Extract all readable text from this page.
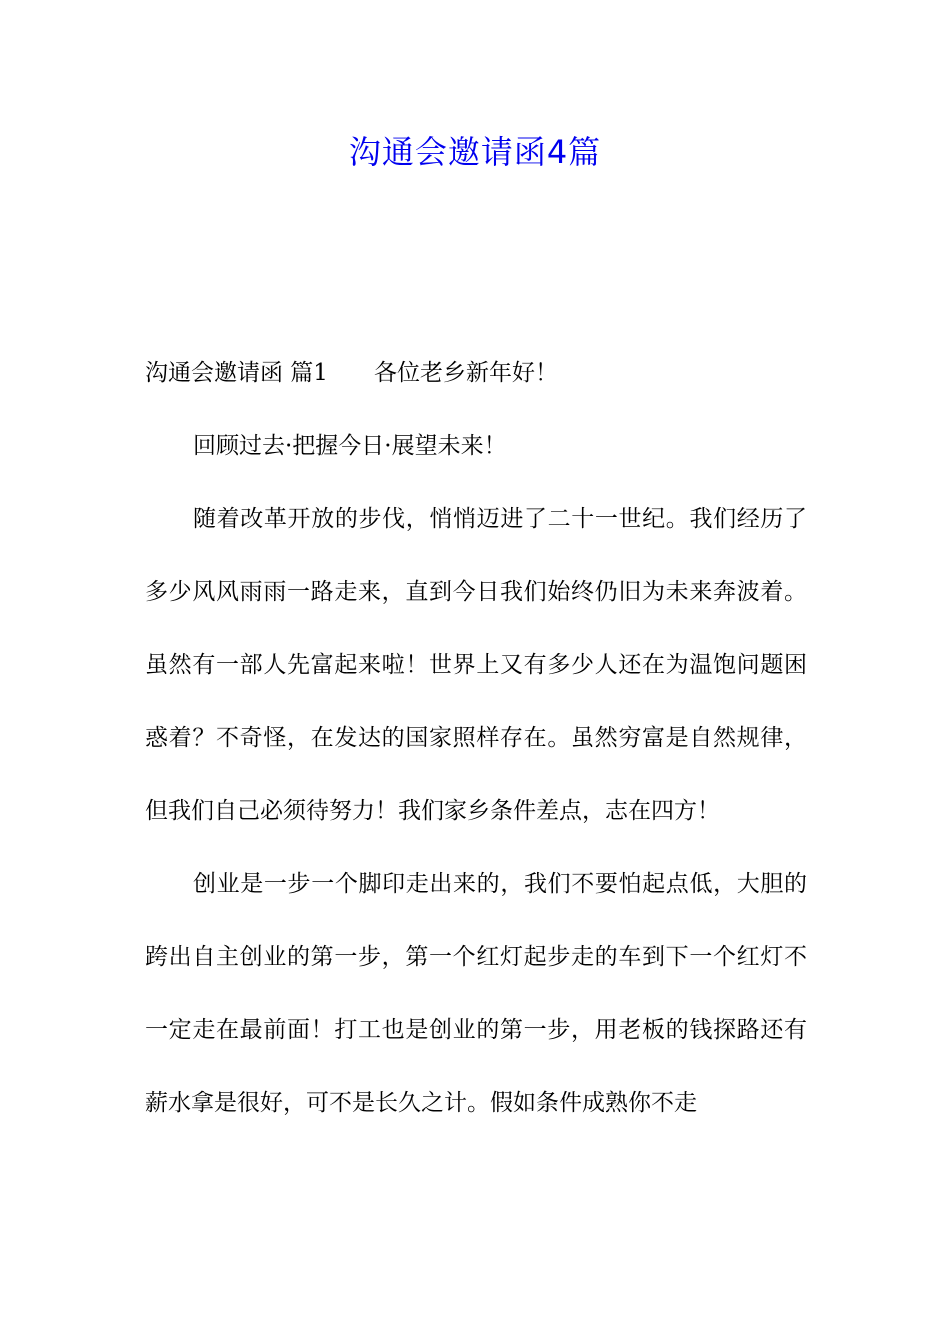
沟通会邀请函4篇

沟通会邀请函 篇1 各位老乡新年好！

回顾过去·把握今日·展望未来！

随着改革开放的步伐，悄悄迈进了二十一世纪。我们经历了多少风风雨雨一路走来，直到今日我们始终仍旧为未来奔波着。虽然有一部人先富起来啦！世界上又有多少人还在为温饱问题困惑着？不奇怪，在发达的国家照样存在。虽然穷富是自然规律，但我们自己必须待努力！我们家乡条件差点，志在四方！

创业是一步一个脚印走出来的，我们不要怕起点低，大胆的跨出自主创业的第一步，第一个红灯起步走的车到下一个红灯不一定走在最前面！打工也是创业的第一步，用老板的钱探路还有薪水拿是很好，可不是长久之计。假如条件成熟你不走
